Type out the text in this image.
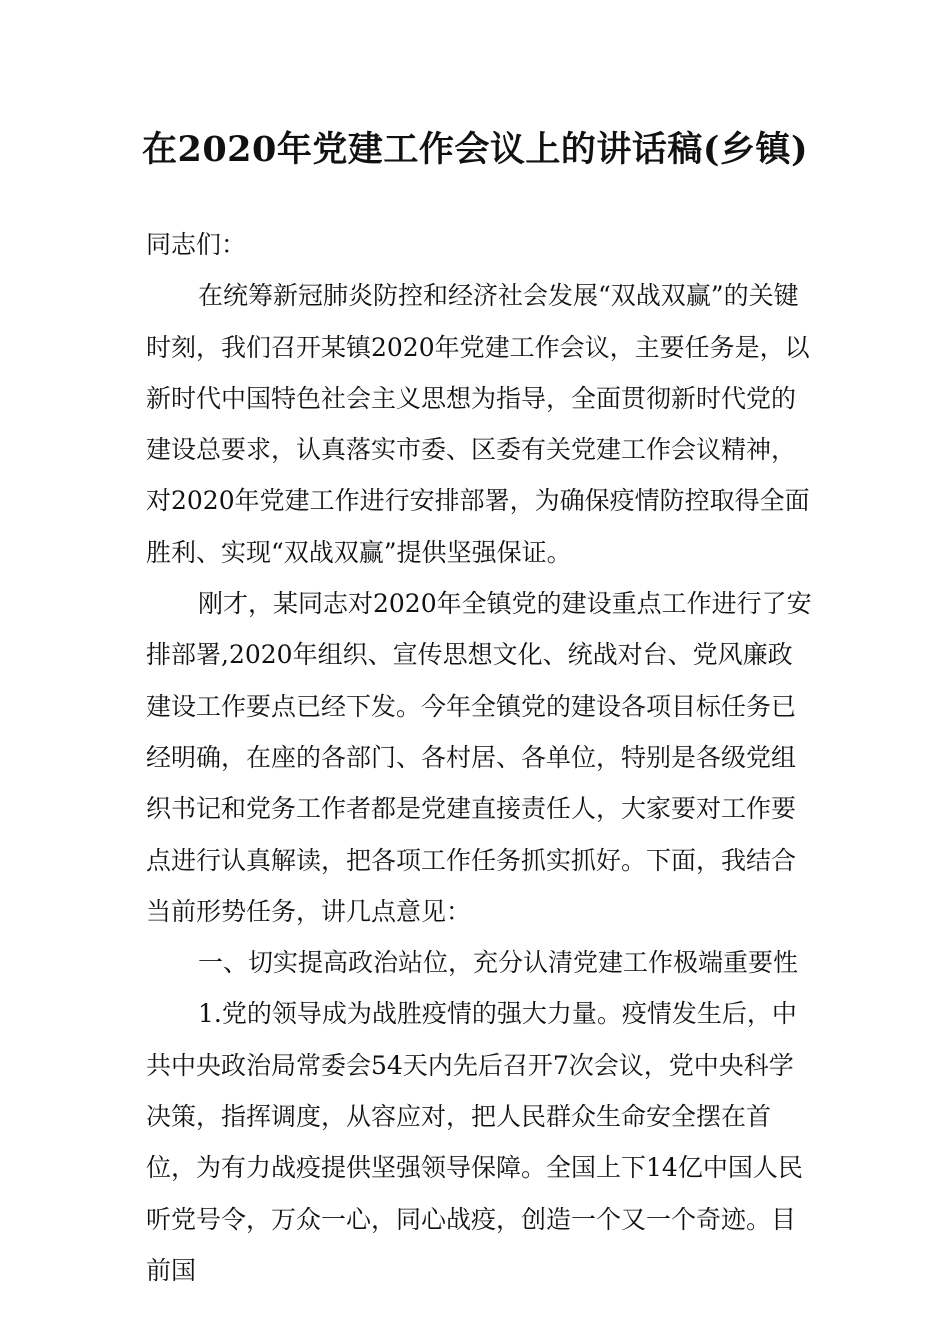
在2020年党建工作会议上的讲话稿(乡镇)

同志们：

在统筹新冠肺炎防控和经济社会发展“双战双赢”的关键时刻，我们召开某镇2020年党建工作会议，主要任务是，以新时代中国特色社会主义思想为指导，全面贯彻新时代党的建设总要求，认真落实市委、区委有关党建工作会议精神，对2020年党建工作进行安排部署，为确保疫情防控取得全面胜利、实现“双战双赢”提供坚强保证。

刚才，某同志对2020年全镇党的建设重点工作进行了安排部署,2020年组织、宣传思想文化、统战对台、党风廉政建设工作要点已经下发。今年全镇党的建设各项目标任务已经明确，在座的各部门、各村居、各单位，特别是各级党组织书记和党务工作者都是党建直接责任人，大家要对工作要点进行认真解读，把各项工作任务抓实抓好。下面，我结合当前形势任务，讲几点意见：

一、切实提高政治站位，充分认清党建工作极端重要性

1.党的领导成为战胜疫情的强大力量。疫情发生后，中共中央政治局常委会54天内先后召开7次会议，党中央科学决策，指挥调度，从容应对，把人民群众生命安全摆在首位，为有力战疫提供坚强领导保障。全国上下14亿中国人民听党号令，万众一心，同心战疫，创造一个又一个奇迹。目前国
